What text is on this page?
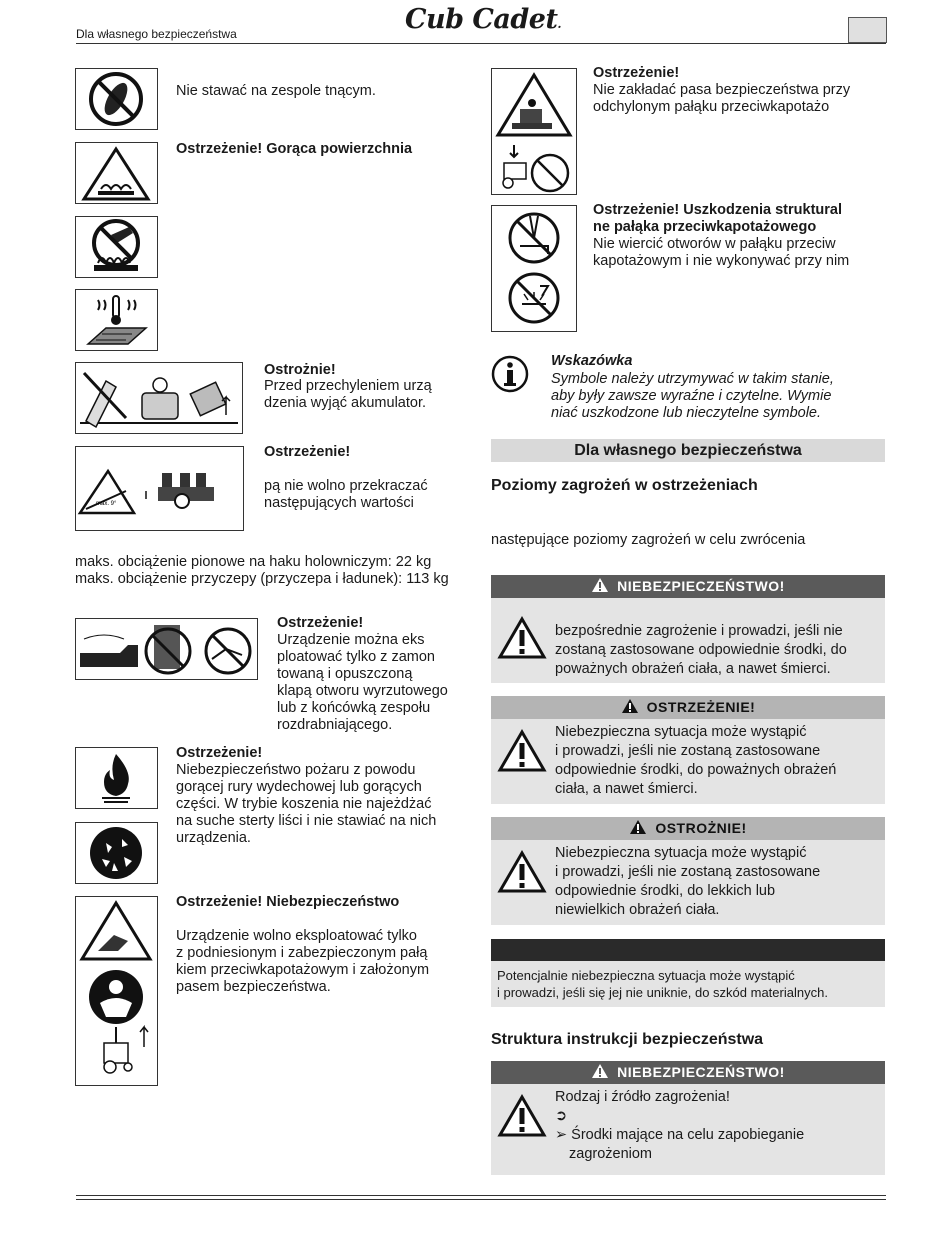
Dla własnego bezpieczeństwa	Cub Cadet.
Nie stawać na zespole tnącym.
Ostrzeżenie! Gorąca powierzchnia
Ostrożnie!
Przed przechyleniem urzą
dzenia wyjąć akumulator.
max. 9°
Ostrzeżenie!
pą nie wolno przekraczać
następujących wartości
maks. obciążenie pionowe na haku holowniczym: 22 kg
maks. obciążenie przyczepy (przyczepa i ładunek): 113 kg
Ostrzeżenie!
Urządzenie można eks
ploatować tylko z zamon
towaną i opuszczoną
klapą otworu wyrzutowego
lub z końcówką zespołu
rozdrabniającego.
Ostrzeżenie!
Niebezpieczeństwo pożaru z powodu
gorącej rury wydechowej lub gorących
części. W trybie koszenia nie najeżdżać
na suche sterty liści i nie stawiać na nich
urządzenia.
Ostrzeżenie! Niebezpieczeństwo
Urządzenie wolno eksploatować tylko
z podniesionym i zabezpieczonym pałą
kiem przeciwkapotażowym i założonym
pasem bezpieczeństwa.
Ostrzeżenie!
Nie zakładać pasa bezpieczeństwa przy
odchylonym pałąku przeciwkapotażo
Ostrzeżenie! Uszkodzenia struktural
ne pałąka przeciwkapotażowego
Nie wiercić otworów w pałąku przeciw
kapotażowym i nie wykonywać przy nim
Wskazówka
Symbole należy utrzymywać w takim stanie,
aby były zawsze wyraźne i czytelne. Wymie
niać uszkodzone lub nieczytelne symbole.
Dla własnego bezpieczeństwa
Poziomy zagrożeń w ostrzeżeniach
następujące poziomy zagrożeń w celu zwrócenia
NIEBEZPIECZEŃSTWO!
bezpośrednie zagrożenie i prowadzi, jeśli nie
zostaną zastosowane odpowiednie środki, do
poważnych obrażeń ciała, a nawet śmierci.
OSTRZEŻENIE!
Niebezpieczna sytuacja może wystąpić
i prowadzi, jeśli nie zostaną zastosowane
odpowiednie środki, do poważnych obrażeń
ciała, a nawet śmierci.
OSTROŻNIE!
Niebezpieczna sytuacja może wystąpić
i prowadzi, jeśli nie zostaną zastosowane
odpowiednie środki, do lekkich lub
niewielkich obrażeń ciała.
Potencjalnie niebezpieczna sytuacja może wystąpić
i prowadzi, jeśli się jej nie uniknie, do szkód materialnych.
Struktura instrukcji bezpieczeństwa
NIEBEZPIECZEŃSTWO!
Rodzaj i źródło zagrożenia!
➲
➢ Środki mające na celu zapobieganie
zagrożeniom
